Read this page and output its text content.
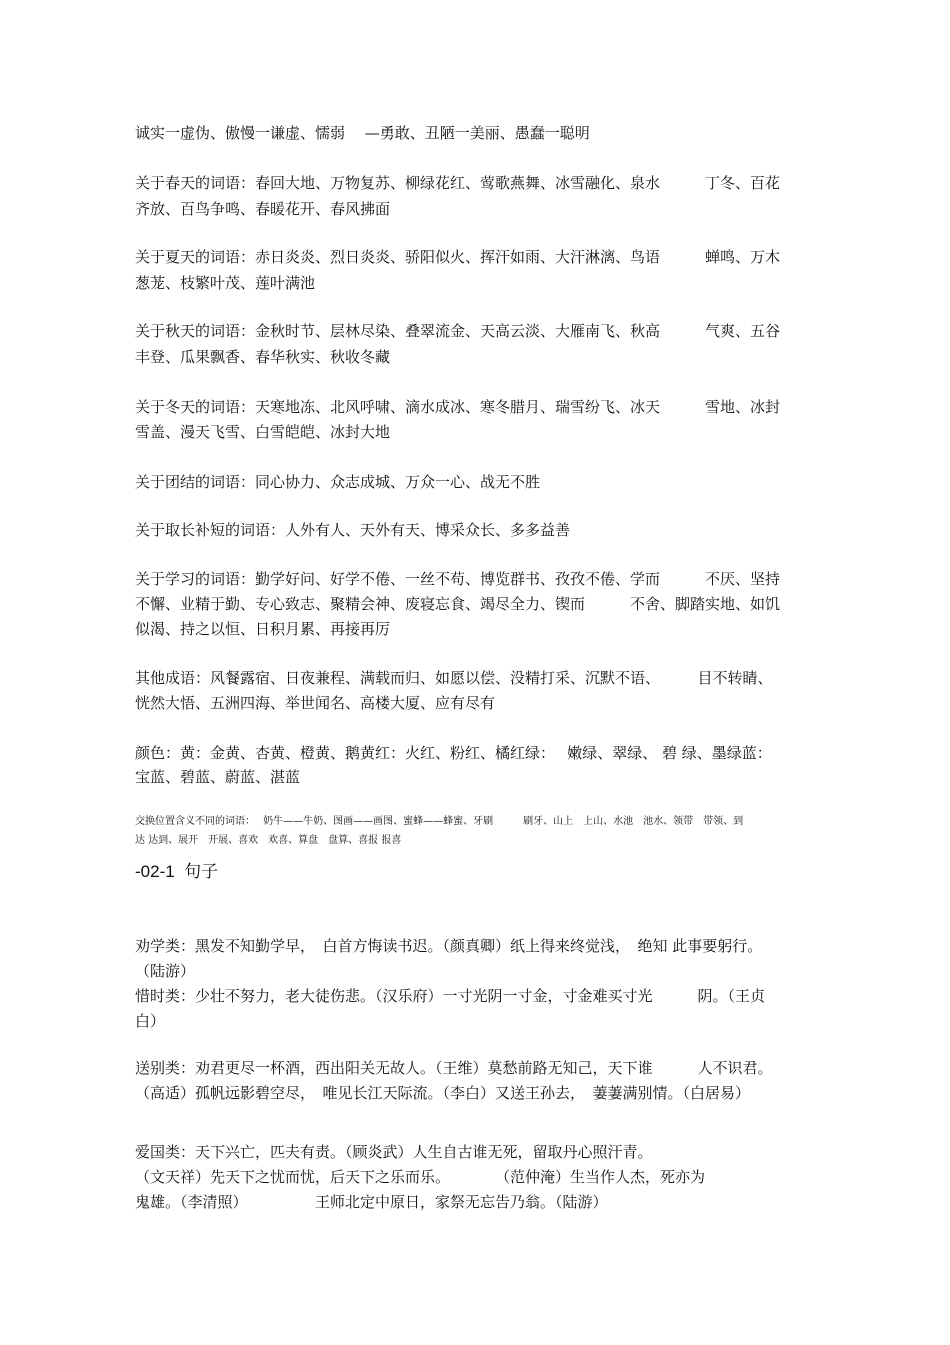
诚实一虚伪、傲慢一谦虚、懦弱　 —勇敢、丑陋一美丽、愚蠢一聪明
关于春天的词语：春回大地、万物复苏、柳绿花红、莺歌燕舞、冰雪融化、泉水　　　丁冬、百花
齐放、百鸟争鸣、春暖花开、春风拂面
关于夏天的词语：赤日炎炎、烈日炎炎、骄阳似火、挥汗如雨、大汗淋漓、鸟语　　　蝉鸣、万木
葱茏、枝繁叶茂、莲叶满池
关于秋天的词语：金秋时节、层林尽染、叠翠流金、天高云淡、大雁南飞、秋高　　　气爽、五谷
丰登、瓜果飘香、春华秋实、秋收冬藏
关于冬天的词语：天寒地冻、北风呼啸、滴水成冰、寒冬腊月、瑞雪纷飞、冰天　　　雪地、冰封
雪盖、漫天飞雪、白雪皑皑、冰封大地
关于团结的词语：同心协力、众志成城、万众一心、战无不胜
关于取长补短的词语：人外有人、天外有天、博采众长、多多益善
关于学习的词语：勤学好问、好学不倦、一丝不苟、博览群书、孜孜不倦、学而　　　不厌、坚持
不懈、业精于勤、专心致志、聚精会神、废寝忘食、竭尽全力、锲而　　　不舍、脚踏实地、如饥
似渴、持之以恒、日积月累、再接再厉
其他成语：风餐露宿、日夜兼程、满载而归、如愿以偿、没精打采、沉默不语、　　　目不转睛、
恍然大悟、五洲四海、举世闻名、高楼大厦、应有尽有
颜色：黄：金黄、杏黄、橙黄、鹅黄红：火红、粉红、橘红绿：　 嫩绿、翠绿、 碧 绿、墨绿蓝：
宝蓝、碧蓝、蔚蓝、湛蓝
交换位置含义不同的词语：　 奶牛——牛奶、图画——画图、蜜蜂——蜂蜜、牙刷　　　刷牙、山上　上山、水池　池水、领带　带领、到
达 达到、展开　开展、喜欢　欢喜、算盘　盘算、喜报 报喜
-02-1  句子
劝学类：黑发不知勤学早，　白首方悔读书迟。（颜真卿）纸上得来终觉浅，　绝知 此事要躬行。
（陆游）
惜时类：少壮不努力，老大徒伤悲。（汉乐府）一寸光阴一寸金，寸金难买寸光　　　阴。（王贞
白）
送别类：劝君更尽一杯酒，西出阳关无故人。（王维）莫愁前路无知己，天下谁　　　人不识君。
（高适）孤帆远影碧空尽，　唯见长江天际流。（李白）又送王孙去，　萋萋满别情。（白居易）
爱国类：天下兴亡，匹夫有责。（顾炎武）人生自古谁无死，留取丹心照汗青。
（文天祥）先天下之忧而忧，后天下之乐而乐。　　　　（范仲淹）生当作人杰，死亦为
鬼雄。（李清照）　　　　　王师北定中原日，家祭无忘告乃翁。（陆游）
